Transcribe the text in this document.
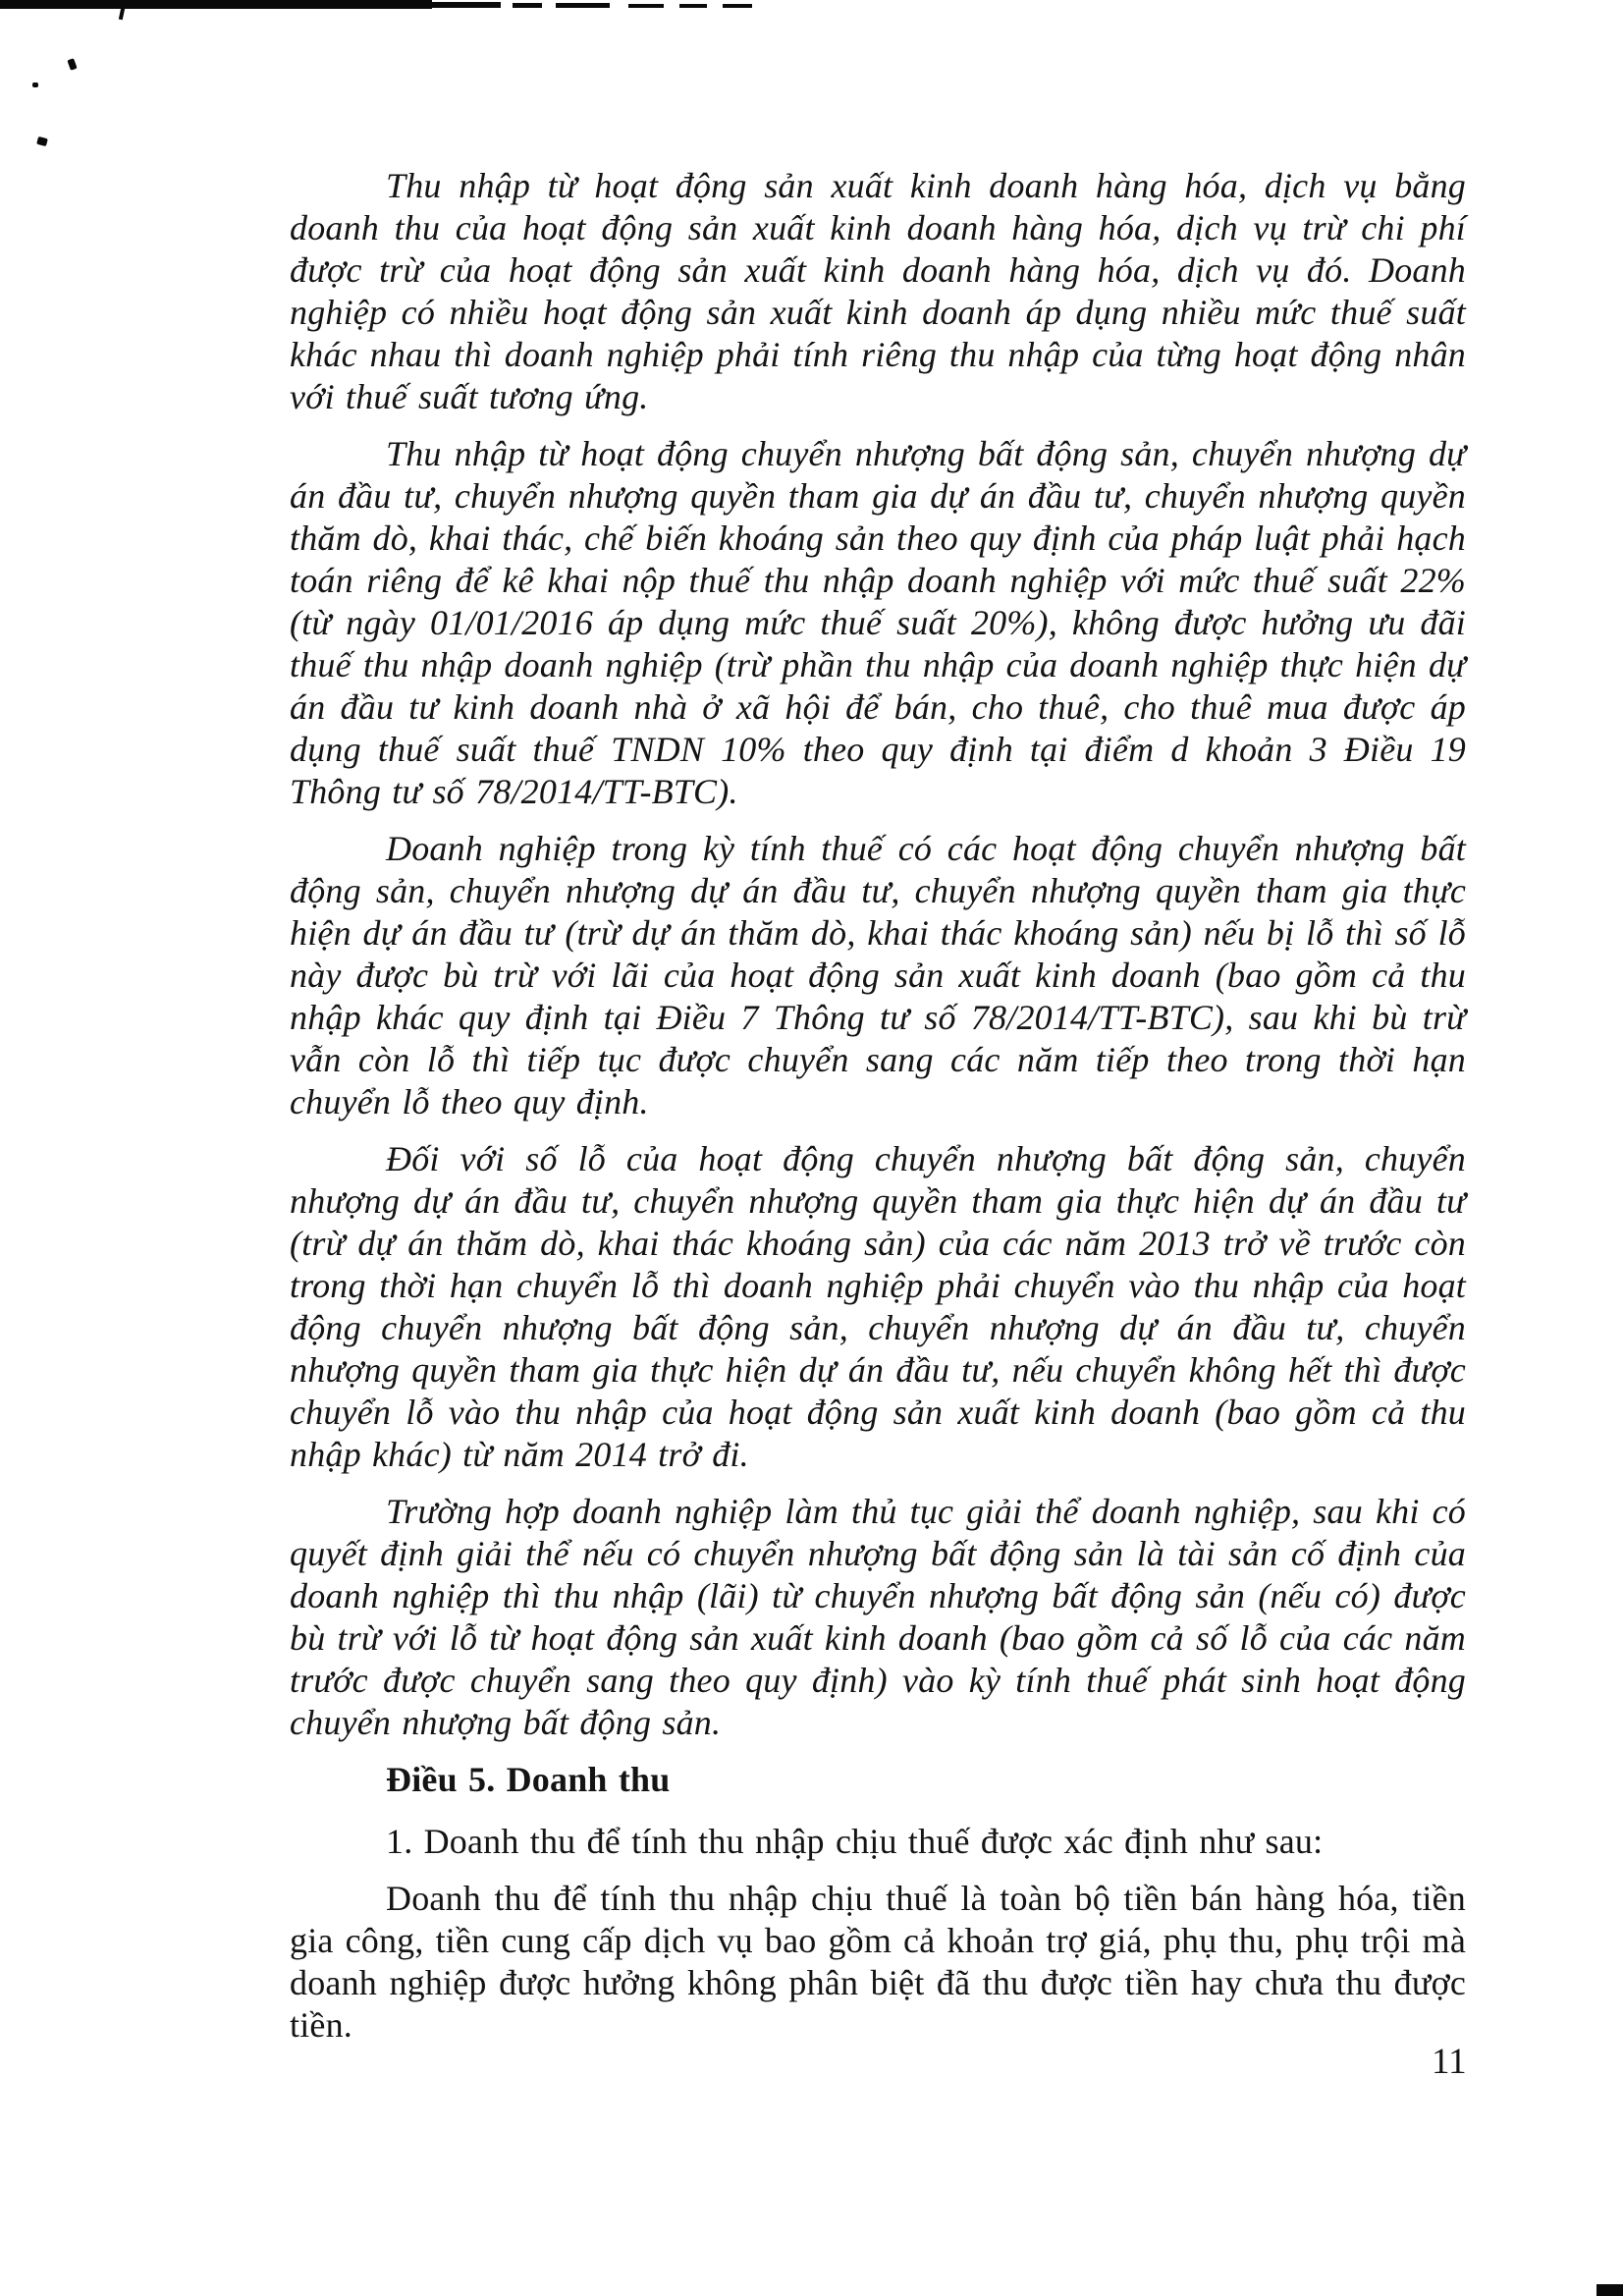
Thu nhập từ hoạt động sản xuất kinh doanh hàng hóa, dịch vụ bằng doanh thu của hoạt động sản xuất kinh doanh hàng hóa, dịch vụ trừ chi phí được trừ của hoạt động sản xuất kinh doanh hàng hóa, dịch vụ đó. Doanh nghiệp có nhiều hoạt động sản xuất kinh doanh áp dụng nhiều mức thuế suất khác nhau thì doanh nghiệp phải tính riêng thu nhập của từng hoạt động nhân với thuế suất tương ứng.

Thu nhập từ hoạt động chuyển nhượng bất động sản, chuyển nhượng dự án đầu tư, chuyển nhượng quyền tham gia dự án đầu tư, chuyển nhượng quyền thăm dò, khai thác, chế biến khoáng sản theo quy định của pháp luật phải hạch toán riêng để kê khai nộp thuế thu nhập doanh nghiệp với mức thuế suất 22% (từ ngày 01/01/2016 áp dụng mức thuế suất 20%), không được hưởng ưu đãi thuế thu nhập doanh nghiệp (trừ phần thu nhập của doanh nghiệp thực hiện dự án đầu tư kinh doanh nhà ở xã hội để bán, cho thuê, cho thuê mua được áp dụng thuế suất thuế TNDN 10% theo quy định tại điểm d khoản 3 Điều 19 Thông tư số 78/2014/TT-BTC).

Doanh nghiệp trong kỳ tính thuế có các hoạt động chuyển nhượng bất động sản, chuyển nhượng dự án đầu tư, chuyển nhượng quyền tham gia thực hiện dự án đầu tư (trừ dự án thăm dò, khai thác khoáng sản) nếu bị lỗ thì số lỗ này được bù trừ với lãi của hoạt động sản xuất kinh doanh (bao gồm cả thu nhập khác quy định tại Điều 7 Thông tư số 78/2014/TT-BTC), sau khi bù trừ vẫn còn lỗ thì tiếp tục được chuyển sang các năm tiếp theo trong thời hạn chuyển lỗ theo quy định.

Đối với số lỗ của hoạt động chuyển nhượng bất động sản, chuyển nhượng dự án đầu tư, chuyển nhượng quyền tham gia thực hiện dự án đầu tư (trừ dự án thăm dò, khai thác khoáng sản) của các năm 2013 trở về trước còn trong thời hạn chuyển lỗ thì doanh nghiệp phải chuyển vào thu nhập của hoạt động chuyển nhượng bất động sản, chuyển nhượng dự án đầu tư, chuyển nhượng quyền tham gia thực hiện dự án đầu tư, nếu chuyển không hết thì được chuyển lỗ vào thu nhập của hoạt động sản xuất kinh doanh (bao gồm cả thu nhập khác) từ năm 2014 trở đi.

Trường hợp doanh nghiệp làm thủ tục giải thể doanh nghiệp, sau khi có quyết định giải thể nếu có chuyển nhượng bất động sản là tài sản cố định của doanh nghiệp thì thu nhập (lãi) từ chuyển nhượng bất động sản (nếu có) được bù trừ với lỗ từ hoạt động sản xuất kinh doanh (bao gồm cả số lỗ của các năm trước được chuyển sang theo quy định) vào kỳ tính thuế phát sinh hoạt động chuyển nhượng bất động sản.

Điều 5. Doanh thu

1. Doanh thu để tính thu nhập chịu thuế được xác định như sau:

Doanh thu để tính thu nhập chịu thuế là toàn bộ tiền bán hàng hóa, tiền gia công, tiền cung cấp dịch vụ bao gồm cả khoản trợ giá, phụ thu, phụ trội mà doanh nghiệp được hưởng không phân biệt đã thu được tiền hay chưa thu được tiền.

11
